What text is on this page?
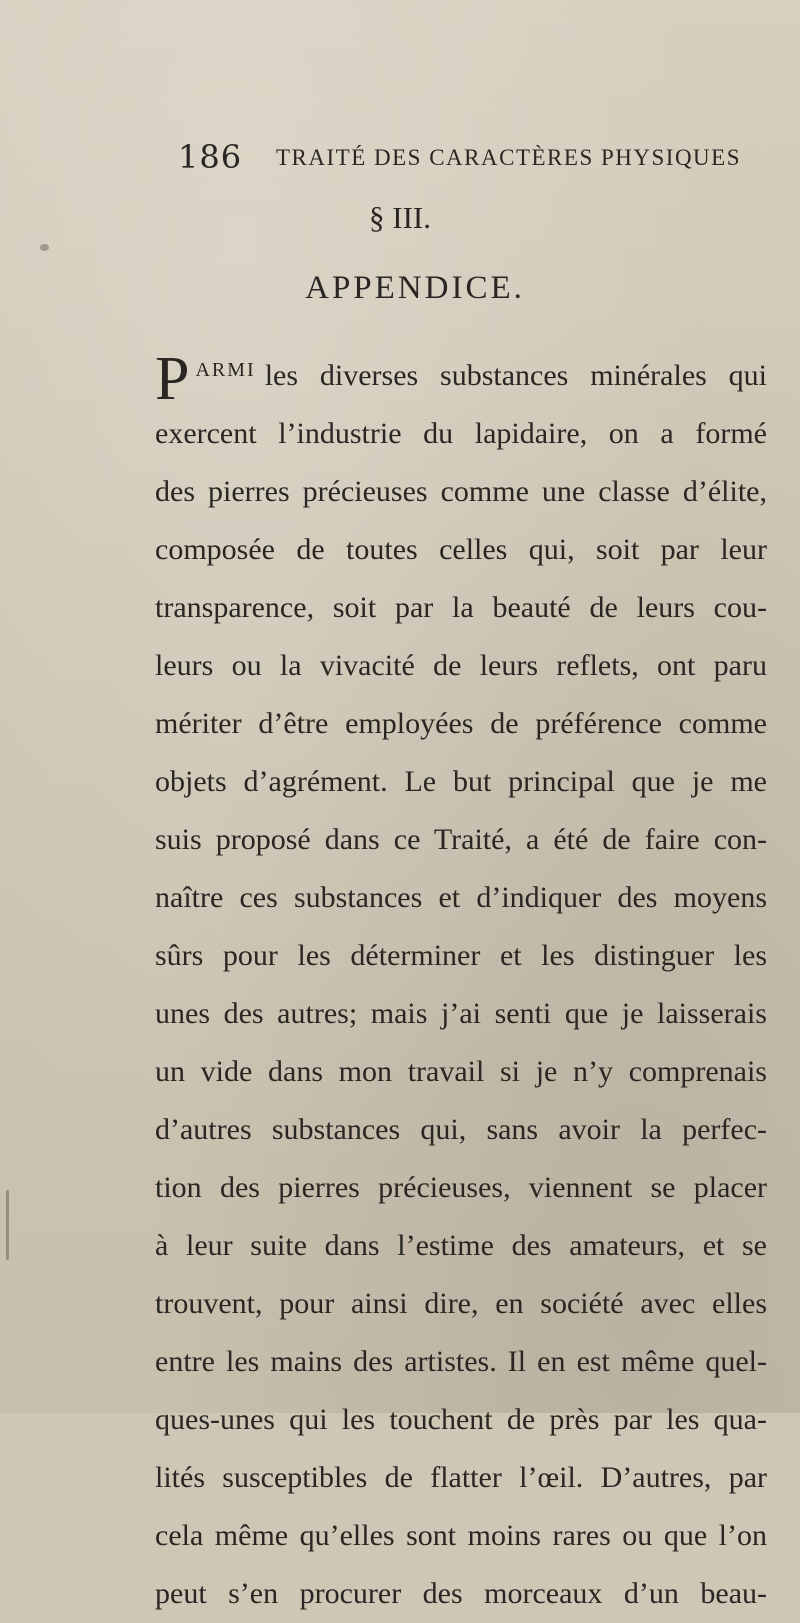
186 TRAITÉ DES CARACTÈRES PHYSIQUES
§ III.
APPENDICE.
P ARMI les diverses substances minérales qui
exercent l’industrie du lapidaire, on a formé
des pierres précieuses comme une classe d’élite,
composée de toutes celles qui, soit par leur
transparence, soit par la beauté de leurs cou-
leurs ou la vivacité de leurs reflets, ont paru
mériter d’être employées de préférence comme
objets d’agrément. Le but principal que je me
suis proposé dans ce Traité, a été de faire con-
naître ces substances et d’indiquer des moyens
sûrs pour les déterminer et les distinguer les
unes des autres; mais j’ai senti que je laisserais
un vide dans mon travail si je n’y comprenais
d’autres substances qui, sans avoir la perfec-
tion des pierres précieuses, viennent se placer
à leur suite dans l’estime des amateurs, et se
trouvent, pour ainsi dire, en société avec elles
entre les mains des artistes. Il en est même quel-
ques-unes qui les touchent de près par les qua-
lités susceptibles de flatter l’œil. D’autres, par
cela même qu’elles sont moins rares ou que l’on
peut s’en procurer des morceaux d’un beau-
